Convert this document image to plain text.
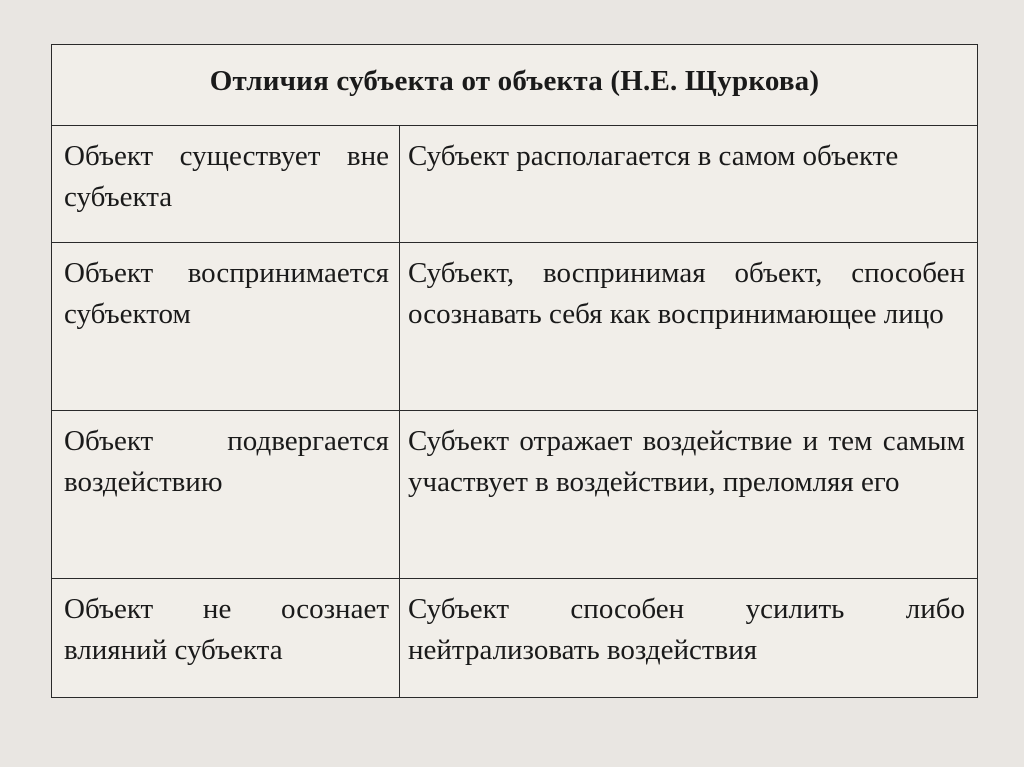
Отличия субъекта от объекта (Н.Е. Щуркова)	

Объект существует вне субъекта	Субъект располагается в самом объекте

Объект воспринимается субъектом	Субъект, воспринимая объект, способен осознавать себя как воспринимающее лицо

Объект подвергается воздействию	Субъект отражает воздействие и тем самым участвует в воздействии, преломляя его

Объект не осознает влияний субъекта	Субъект способен усилить либо нейтрализовать воздействия
